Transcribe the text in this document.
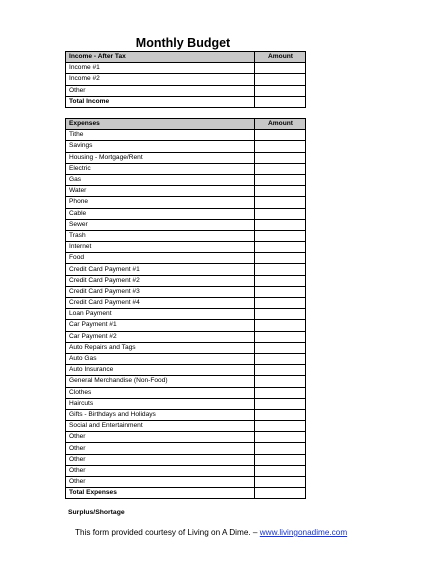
Monthly Budget
Income - After Tax	Amount
Income #1	
Income #2	
Other	
Total Income	
Expenses	Amount
Tithe	
Savings	
Housing - Mortgage/Rent	
Electric	
Gas	
Water	
Phone	
Cable	
Sewer	
Trash	
Internet	
Food	
Credit Card Payment #1	
Credit Card Payment #2	
Credit Card Payment #3	
Credit Card Payment #4	
Loan Payment	
Car Payment #1	
Car Payment #2	
Auto Repairs and Tags	
Auto Gas	
Auto Insurance	
General Merchandise (Non-Food)	
Clothes	
Haircuts	
Gifts - Birthdays and Holidays	
Social and Entertainment	
Other	
Other	
Other	
Other	
Other	
Total Expenses	
Surplus/Shortage
This form provided courtesy of Living on A Dime. – www.livingonadime.com
